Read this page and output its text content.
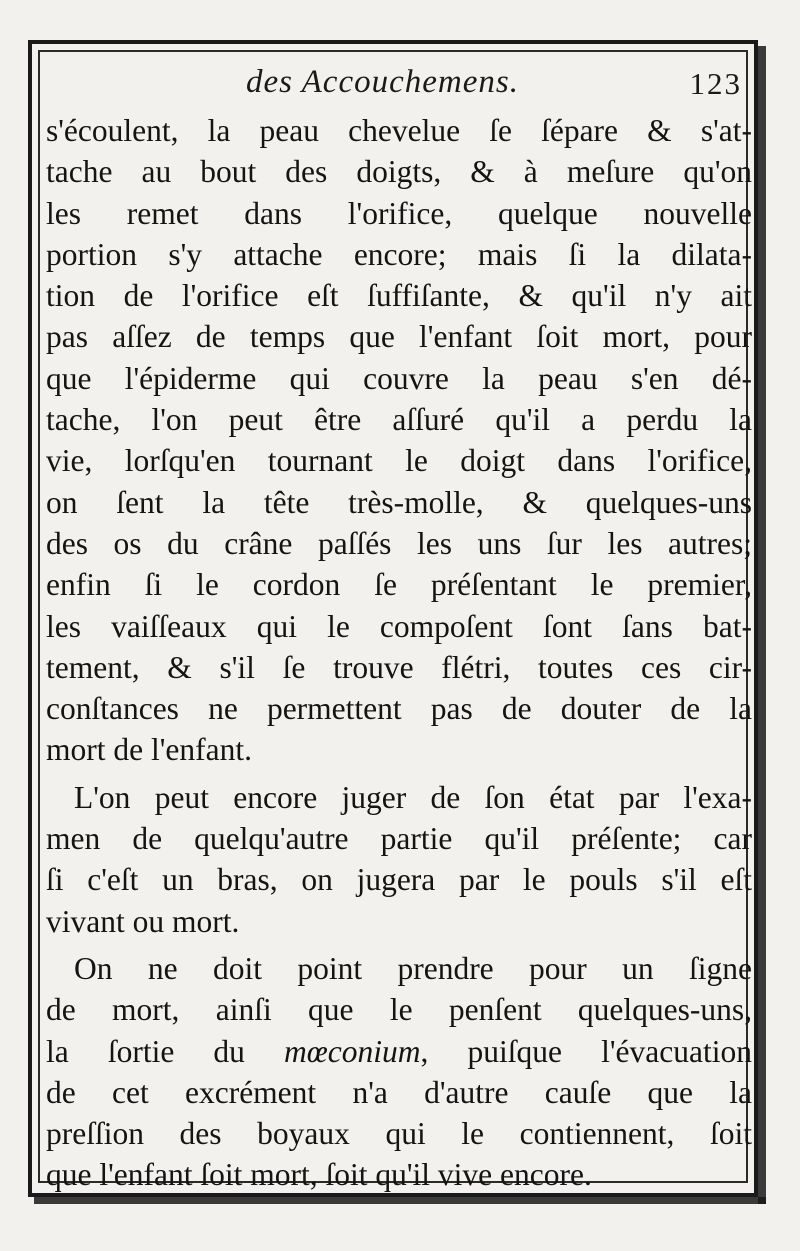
des Accouchemens.	123
s'écoulent, la peau chevelue ſe ſépare & s'at-
tache au bout des doigts, & à meſure qu'on
les remet dans l'orifice, quelque nouvelle
portion s'y attache encore; mais ſi la dilata-
tion de l'orifice eſt ſuffiſante, & qu'il n'y ait
pas aſſez de temps que l'enfant ſoit mort, pour
que l'épiderme qui couvre la peau s'en dé-
tache, l'on peut être aſſuré qu'il a perdu la
vie, lorſqu'en tournant le doigt dans l'orifice,
on ſent la tête très-molle, & quelques-uns
des os du crâne paſſés les uns ſur les autres;
enfin ſi le cordon ſe préſentant le premier,
les vaiſſeaux qui le compoſent ſont ſans bat-
tement, & s'il ſe trouve flétri, toutes ces cir-
conſtances ne permettent pas de douter de la
mort de l'enfant.
L'on peut encore juger de ſon état par l'exa-
men de quelqu'autre partie qu'il préſente; car
ſi c'eſt un bras, on jugera par le pouls s'il eſt
vivant ou mort.
On ne doit point prendre pour un ſigne
de mort, ainſi que le penſent quelques-uns,
la ſortie du mœconium, puiſque l'évacuation
de cet excrément n'a d'autre cauſe que la
preſſion des boyaux qui le contiennent, ſoit
que l'enfant ſoit mort, ſoit qu'il vive encore.
